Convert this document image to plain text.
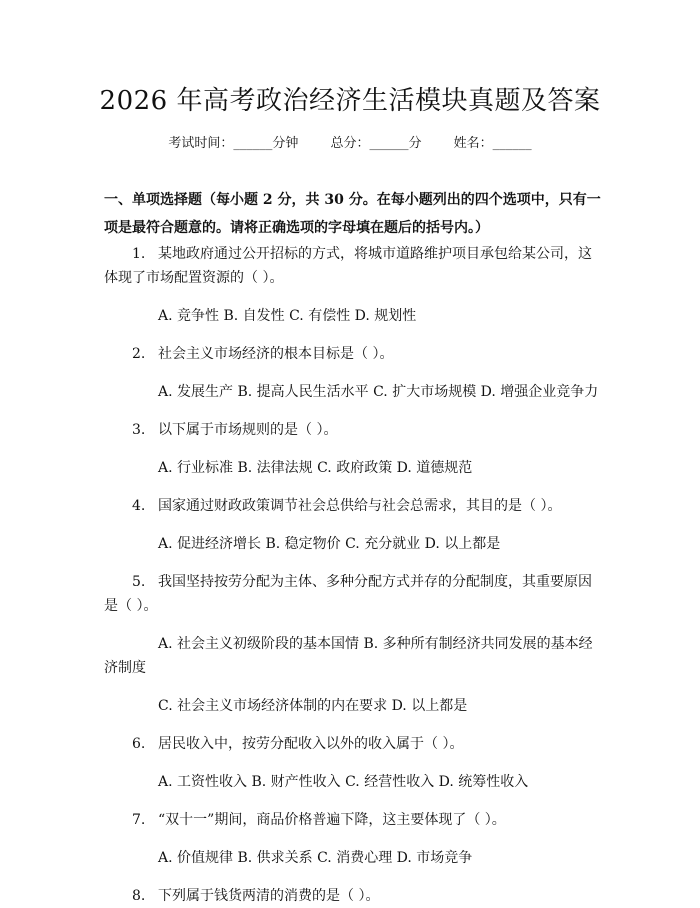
2026 年高考政治经济生活模块真题及答案
考试时间：______分钟 总分：______分 姓名：______
一、单项选择题（每小题 2 分，共 30 分。在每小题列出的四个选项中，只有一项是最符合题意的。请将正确选项的字母填在题后的括号内。）
1. 某地政府通过公开招标的方式，将城市道路维护项目承包给某公司，这体现了市场配置资源的（ ）。
A. 竞争性 B. 自发性 C. 有偿性 D. 规划性
2. 社会主义市场经济的根本目标是（ ）。
A. 发展生产 B. 提高人民生活水平 C. 扩大市场规模 D. 增强企业竞争力
3. 以下属于市场规则的是（ ）。
A. 行业标准 B. 法律法规 C. 政府政策 D. 道德规范
4. 国家通过财政政策调节社会总供给与社会总需求，其目的是（ ）。
A. 促进经济增长 B. 稳定物价 C. 充分就业 D. 以上都是
5. 我国坚持按劳分配为主体、多种分配方式并存的分配制度，其重要原因是（ ）。
A. 社会主义初级阶段的基本国情 B. 多种所有制经济共同发展的基本经济制度
C. 社会主义市场经济体制的内在要求 D. 以上都是
6. 居民收入中，按劳分配收入以外的收入属于（ ）。
A. 工资性收入 B. 财产性收入 C. 经营性收入 D. 统筹性收入
7. “双十一”期间，商品价格普遍下降，这主要体现了（ ）。
A. 价值规律 B. 供求关系 C. 消费心理 D. 市场竞争
8. 下列属于钱货两清的消费的是（ ）。
